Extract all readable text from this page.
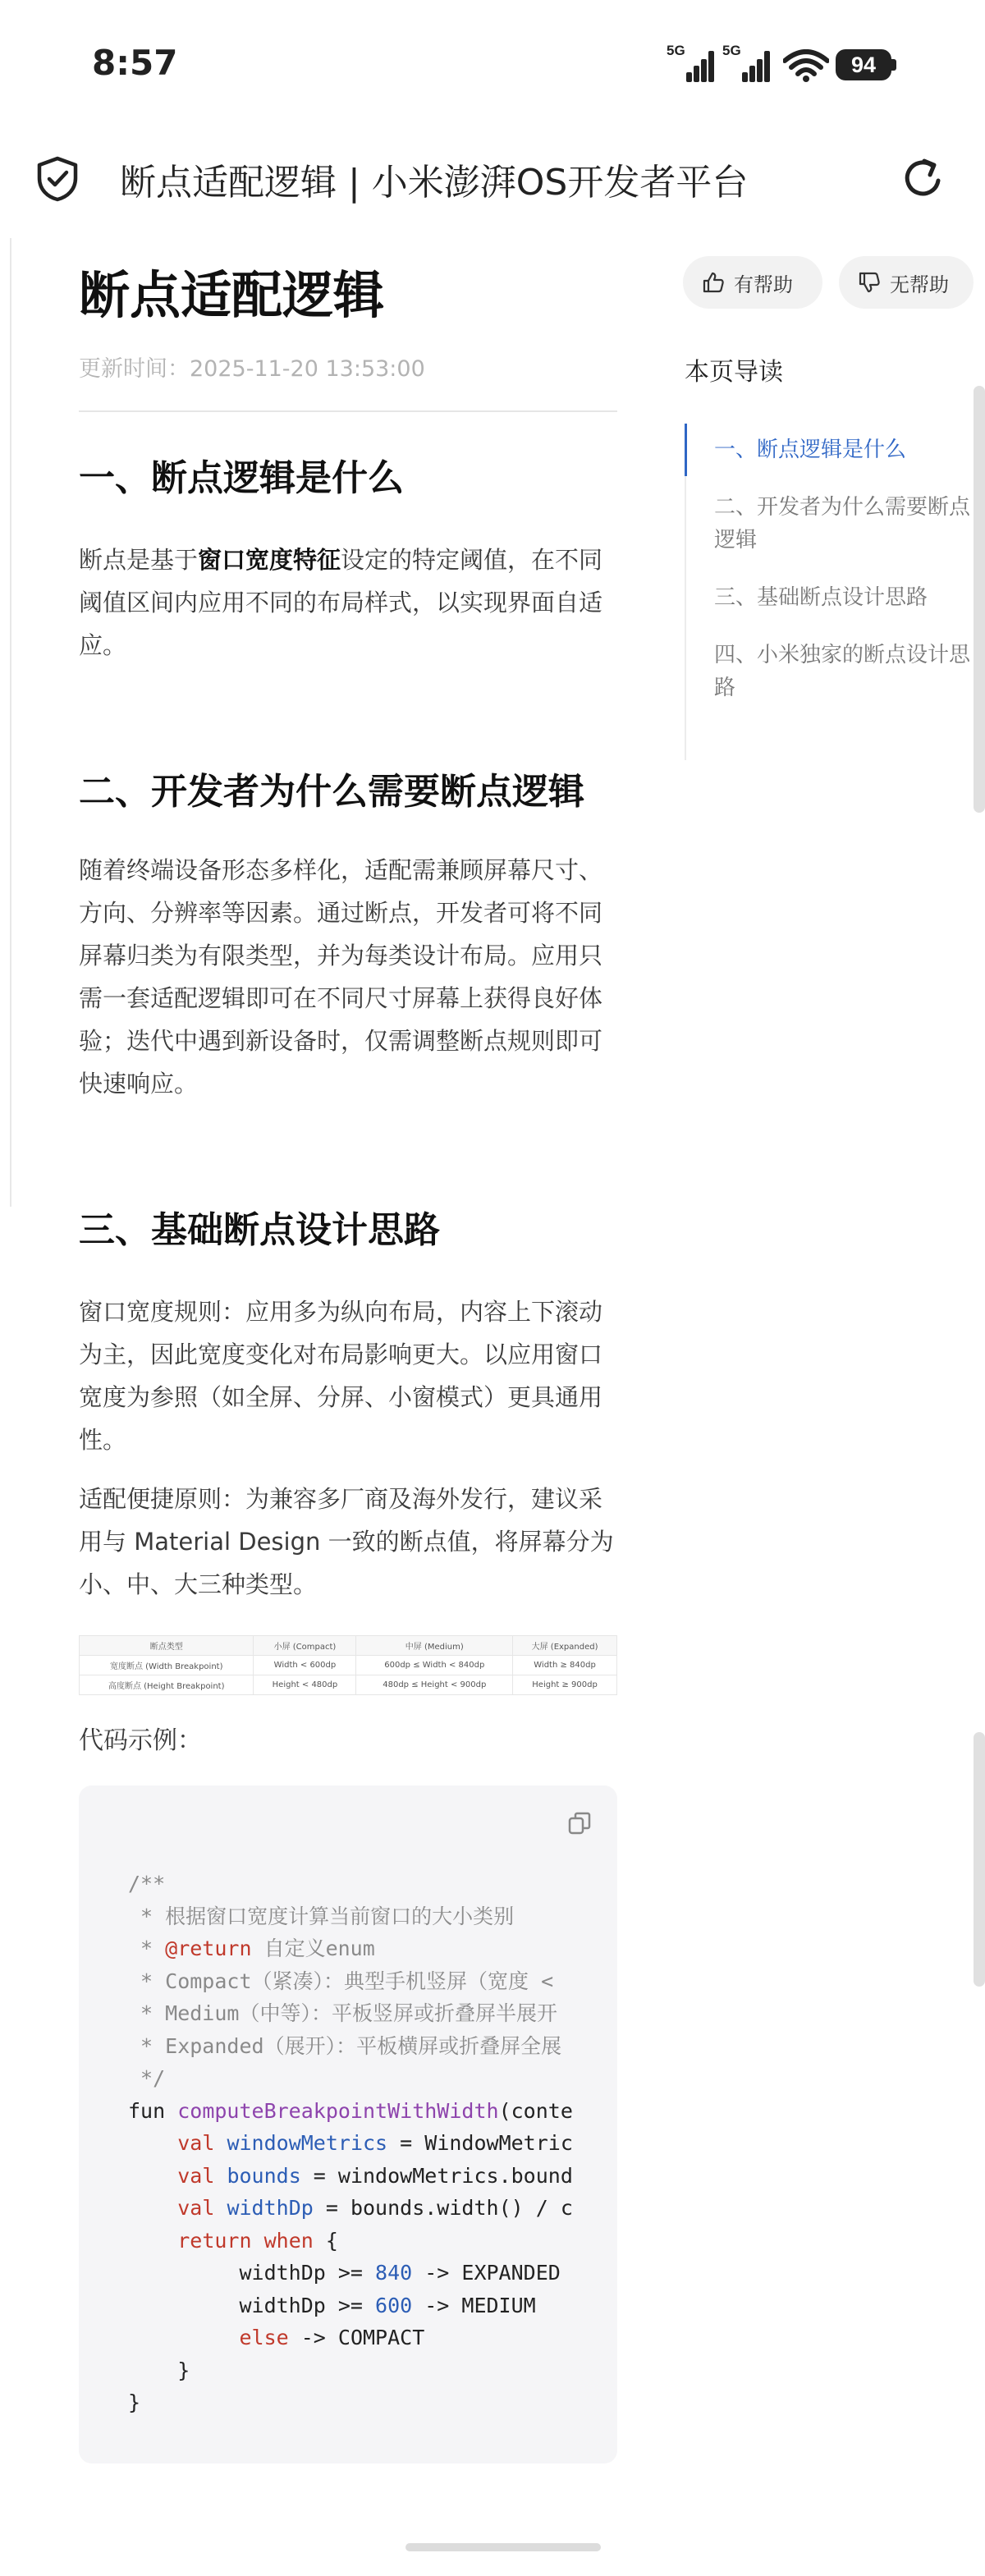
8:57	5G	5G
94
断点适配逻辑 | 小米澎湃OS开发者平台
断点适配逻辑
更新时间：2025-11-20 13:53:00
一、断点逻辑是什么

断点是基于窗口宽度特征设定的特定阈值，在不同阈值区间内应用不同的布局样式，以实现界面自适应。

二、开发者为什么需要断点逻辑

随着终端设备形态多样化，适配需兼顾屏幕尺寸、方向、分辨率等因素。通过断点，开发者可将不同屏幕归类为有限类型，并为每类设计布局。应用只需一套适配逻辑即可在不同尺寸屏幕上获得良好体验；迭代中遇到新设备时，仅需调整断点规则即可快速响应。

三、基础断点设计思路

窗口宽度规则：应用多为纵向布局，内容上下滚动为主，因此宽度变化对布局影响更大。以应用窗口宽度为参照（如全屏、分屏、小窗模式）更具通用性。

适配便捷原则：为兼容多厂商及海外发行，建议采用与 Material Design 一致的断点值，将屏幕分为小、中、大三种类型。

断点类型	小屏 (Compact)	中屏 (Medium)	大屏 (Expanded)
宽度断点 (Width Breakpoint)	Width < 600dp	600dp ≤ Width < 840dp	Width ≥ 840dp
高度断点 (Height Breakpoint)	Height < 480dp	480dp ≤ Height < 900dp	Height ≥ 900dp
代码示例：
/**
* 根据窗口宽度计算当前窗口的大小类别
* @return 自定义enum
* Compact（紧凑）：典型手机竖屏（宽度 <
* Medium（中等）：平板竖屏或折叠屏半展开
* Expanded（展开）：平板横屏或折叠屏全展
*/
fun computeBreakpointWithWidth(conte
val windowMetrics = WindowMetric
val bounds = windowMetrics.bound
val widthDp = bounds.width() / c
return when {
widthDp >= 840 -> EXPANDED
widthDp >= 600 -> MEDIUM
else -> COMPACT
}
}
有帮助	无帮助
本页导读
一、断点逻辑是什么
二、开发者为什么需要断点逻辑
三、基础断点设计思路
四、小米独家的断点设计思路
